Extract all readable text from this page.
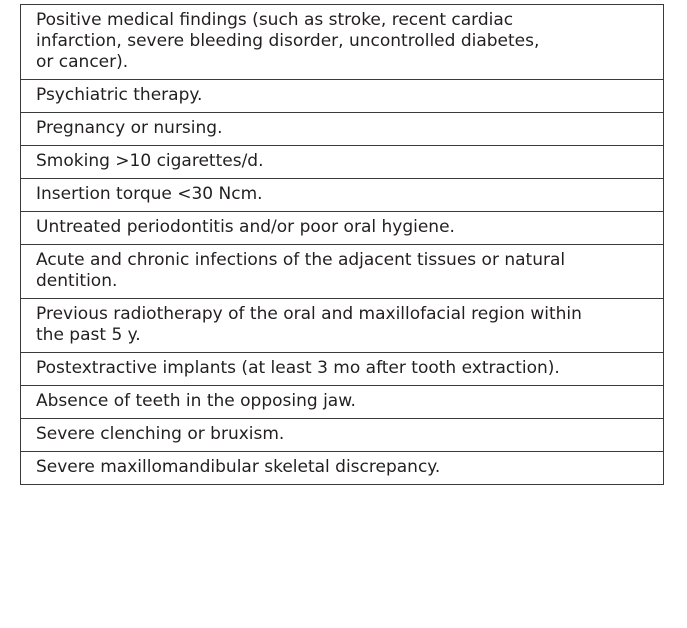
Positive medical findings (such as stroke, recent cardiac
infarction, severe bleeding disorder, uncontrolled diabetes,
or cancer).
Psychiatric therapy.
Pregnancy or nursing.
Smoking >10 cigarettes/d.
Insertion torque <30 Ncm.
Untreated periodontitis and/or poor oral hygiene.
Acute and chronic infections of the adjacent tissues or natural
dentition.
Previous radiotherapy of the oral and maxillofacial region within
the past 5 y.
Postextractive implants (at least 3 mo after tooth extraction).
Absence of teeth in the opposing jaw.
Severe clenching or bruxism.
Severe maxillomandibular skeletal discrepancy.
